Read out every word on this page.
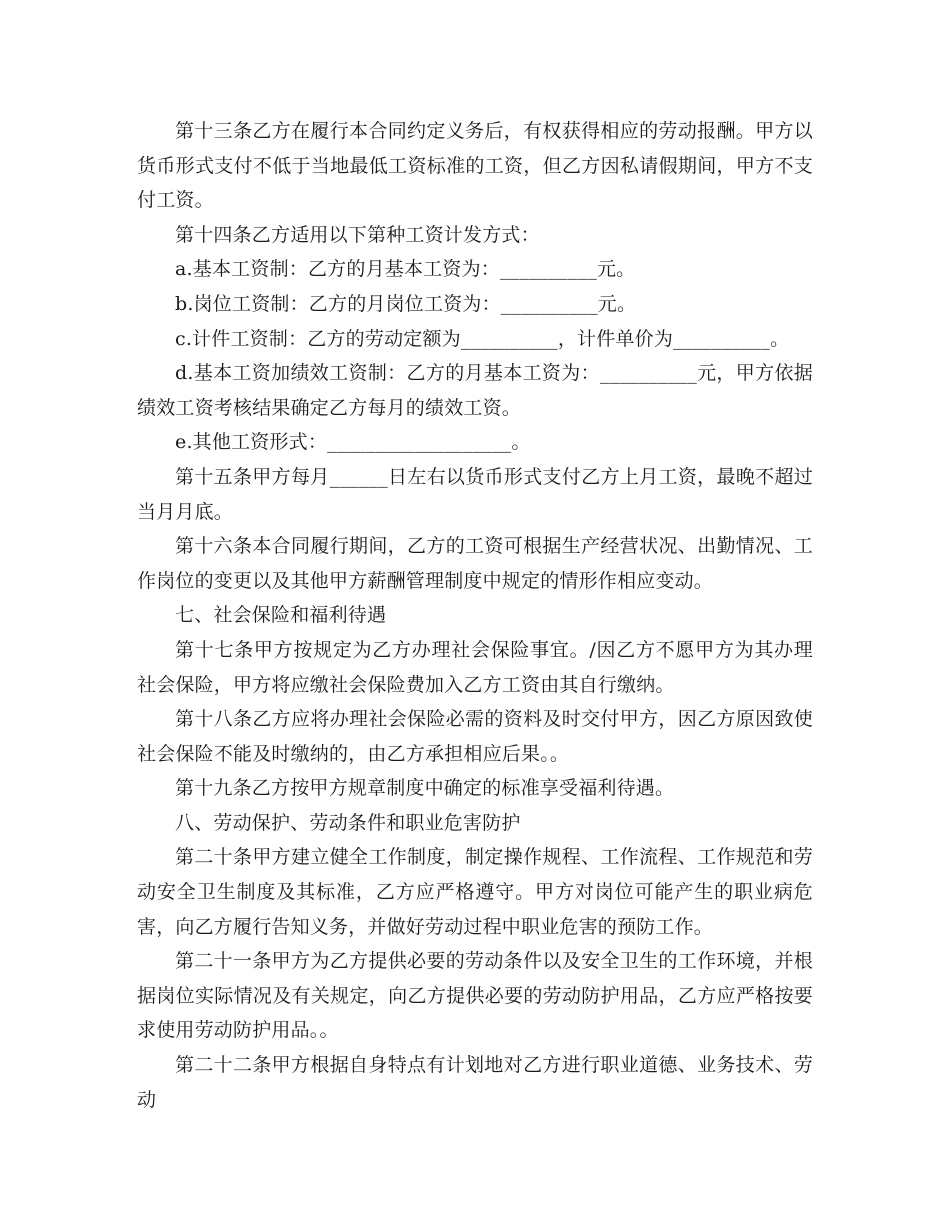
第十三条乙方在履行本合同约定义务后，有权获得相应的劳动报酬。甲方以货币形式支付不低于当地最低工资标准的工资，但乙方因私请假期间，甲方不支付工资。

第十四条乙方适用以下第种工资计发方式：

a.基本工资制：乙方的月基本工资为：__________元。

b.岗位工资制：乙方的月岗位工资为：__________元。

c.计件工资制：乙方的劳动定额为__________，计件单价为__________。

d.基本工资加绩效工资制：乙方的月基本工资为：__________元，甲方依据绩效工资考核结果确定乙方每月的绩效工资。

e.其他工资形式：___________________。

第十五条甲方每月______日左右以货币形式支付乙方上月工资，最晚不超过当月月底。

第十六条本合同履行期间，乙方的工资可根据生产经营状况、出勤情况、工作岗位的变更以及其他甲方薪酬管理制度中规定的情形作相应变动。

七、社会保险和福利待遇

第十七条甲方按规定为乙方办理社会保险事宜。/因乙方不愿甲方为其办理社会保险，甲方将应缴社会保险费加入乙方工资由其自行缴纳。

第十八条乙方应将办理社会保险必需的资料及时交付甲方，因乙方原因致使社会保险不能及时缴纳的，由乙方承担相应后果。。

第十九条乙方按甲方规章制度中确定的标准享受福利待遇。

八、劳动保护、劳动条件和职业危害防护

第二十条甲方建立健全工作制度，制定操作规程、工作流程、工作规范和劳动安全卫生制度及其标准，乙方应严格遵守。甲方对岗位可能产生的职业病危害，向乙方履行告知义务，并做好劳动过程中职业危害的预防工作。

第二十一条甲方为乙方提供必要的劳动条件以及安全卫生的工作环境，并根据岗位实际情况及有关规定，向乙方提供必要的劳动防护用品，乙方应严格按要求使用劳动防护用品。。

第二十二条甲方根据自身特点有计划地对乙方进行职业道德、业务技术、劳动
